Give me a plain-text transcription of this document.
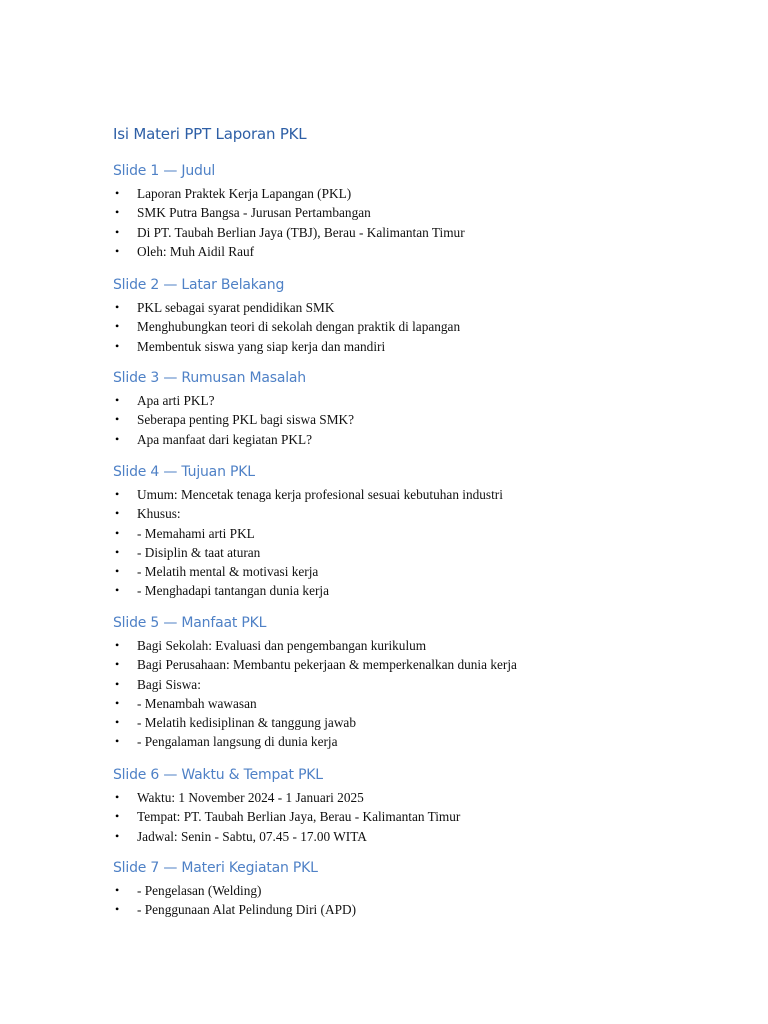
Isi Materi PPT Laporan PKL
Slide 1 — Judul
• Laporan Praktek Kerja Lapangan (PKL)
• SMK Putra Bangsa - Jurusan Pertambangan
• Di PT. Taubah Berlian Jaya (TBJ), Berau - Kalimantan Timur
• Oleh: Muh Aidil Rauf
Slide 2 — Latar Belakang
• PKL sebagai syarat pendidikan SMK
• Menghubungkan teori di sekolah dengan praktik di lapangan
• Membentuk siswa yang siap kerja dan mandiri
Slide 3 — Rumusan Masalah
• Apa arti PKL?
• Seberapa penting PKL bagi siswa SMK?
• Apa manfaat dari kegiatan PKL?
Slide 4 — Tujuan PKL
• Umum: Mencetak tenaga kerja profesional sesuai kebutuhan industri
• Khusus:
• - Memahami arti PKL
• - Disiplin & taat aturan
• - Melatih mental & motivasi kerja
• - Menghadapi tantangan dunia kerja
Slide 5 — Manfaat PKL
• Bagi Sekolah: Evaluasi dan pengembangan kurikulum
• Bagi Perusahaan: Membantu pekerjaan & memperkenalkan dunia kerja
• Bagi Siswa:
• - Menambah wawasan
• - Melatih kedisiplinan & tanggung jawab
• - Pengalaman langsung di dunia kerja
Slide 6 — Waktu & Tempat PKL
• Waktu: 1 November 2024 - 1 Januari 2025
• Tempat: PT. Taubah Berlian Jaya, Berau - Kalimantan Timur
• Jadwal: Senin - Sabtu, 07.45 - 17.00 WITA
Slide 7 — Materi Kegiatan PKL
• - Pengelasan (Welding)
• - Penggunaan Alat Pelindung Diri (APD)
